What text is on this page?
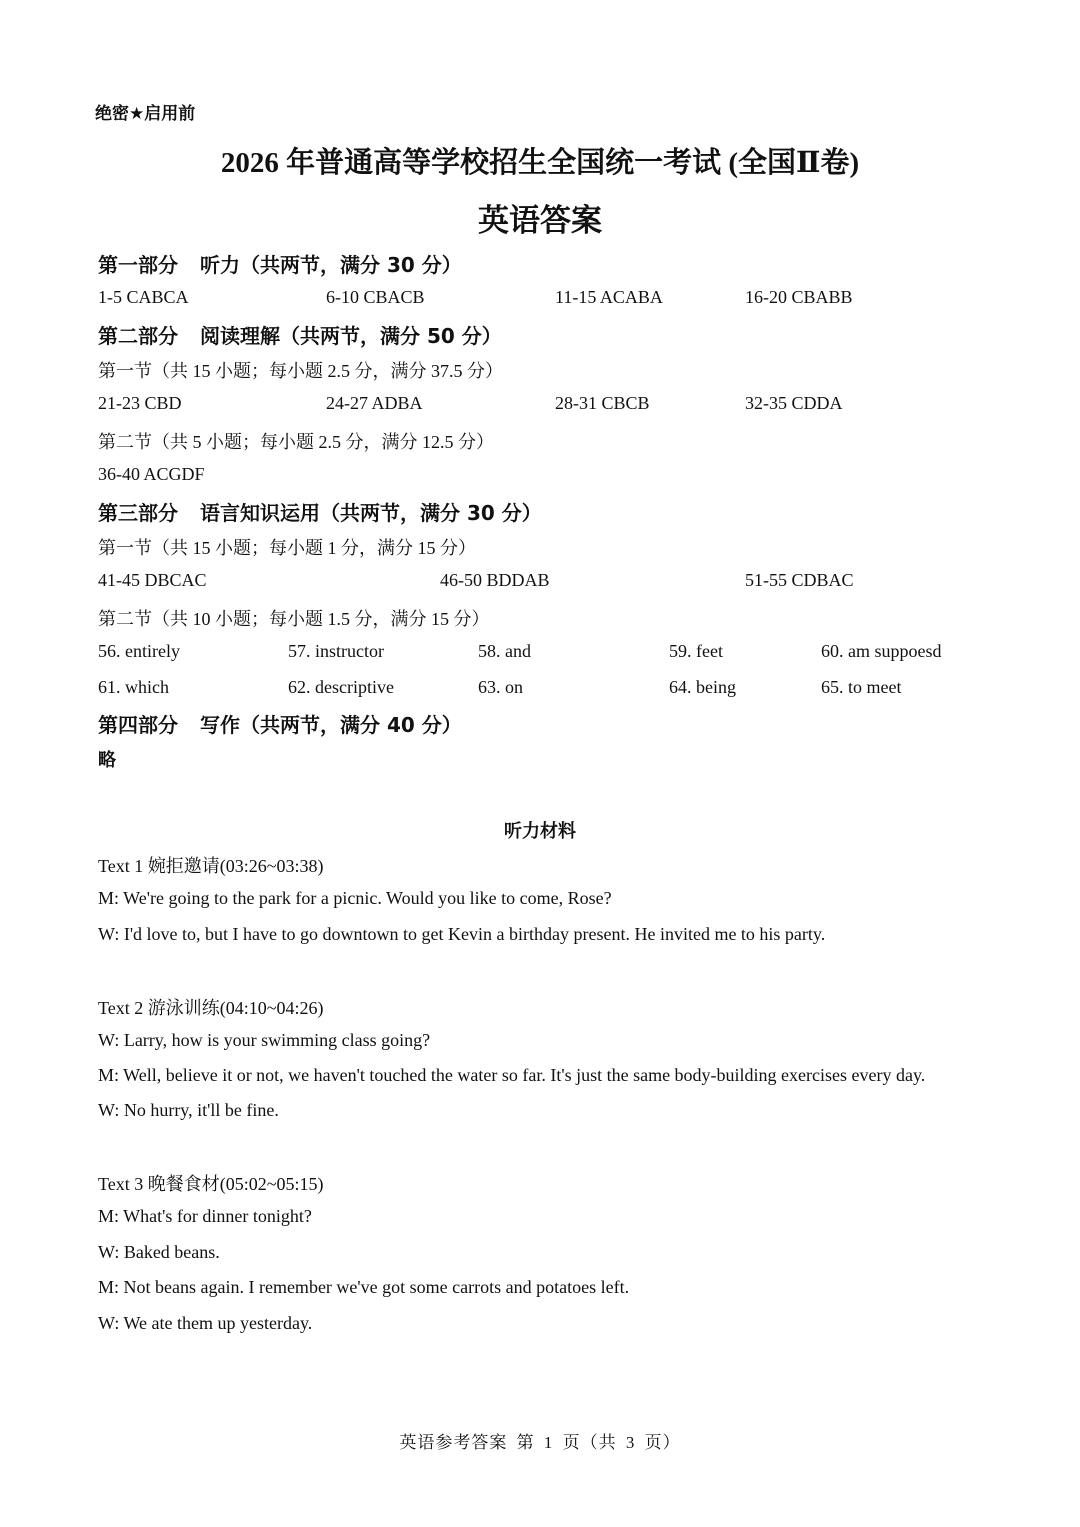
绝密★启用前
2026 年普通高等学校招生全国统一考试 (全国Ⅱ卷)
英语答案
第一部分 听力（共两节，满分 30 分）
1-5 CABCA	6-10 CBACB	11-15 ACABA	16-20 CBABB
第二部分 阅读理解（共两节，满分 50 分）
第一节（共 15 小题；每小题 2.5 分，满分 37.5 分）
21-23 CBD	24-27 ADBA	28-31 CBCB	32-35 CDDA
第二节（共 5 小题；每小题 2.5 分，满分 12.5 分）
36-40 ACGDF
第三部分 语言知识运用（共两节，满分 30 分）
第一节（共 15 小题；每小题 1 分，满分 15 分）
41-45 DBCAC	46-50 BDDAB	51-55 CDBAC
第二节（共 10 小题；每小题 1.5 分，满分 15 分）
56. entirely	57. instructor	58. and	59. feet	60. am suppoesd
61. which	62. descriptive	63. on	64. being	65. to meet
第四部分 写作（共两节，满分 40 分）
略
听力材料
Text 1 婉拒邀请(03:26~03:38)
M: We're going to the park for a picnic. Would you like to come, Rose?
W: I'd love to, but I have to go downtown to get Kevin a birthday present. He invited me to his party.
Text 2 游泳训练(04:10~04:26)
W: Larry, how is your swimming class going?
M: Well, believe it or not, we haven't touched the water so far. It's just the same body-building exercises every day.
W: No hurry, it'll be fine.
Text 3 晚餐食材(05:02~05:15)
M: What's for dinner tonight?
W: Baked beans.
M: Not beans again. I remember we've got some carrots and potatoes left.
W: We ate them up yesterday.
英语参考答案 第 1 页（共 3 页）
